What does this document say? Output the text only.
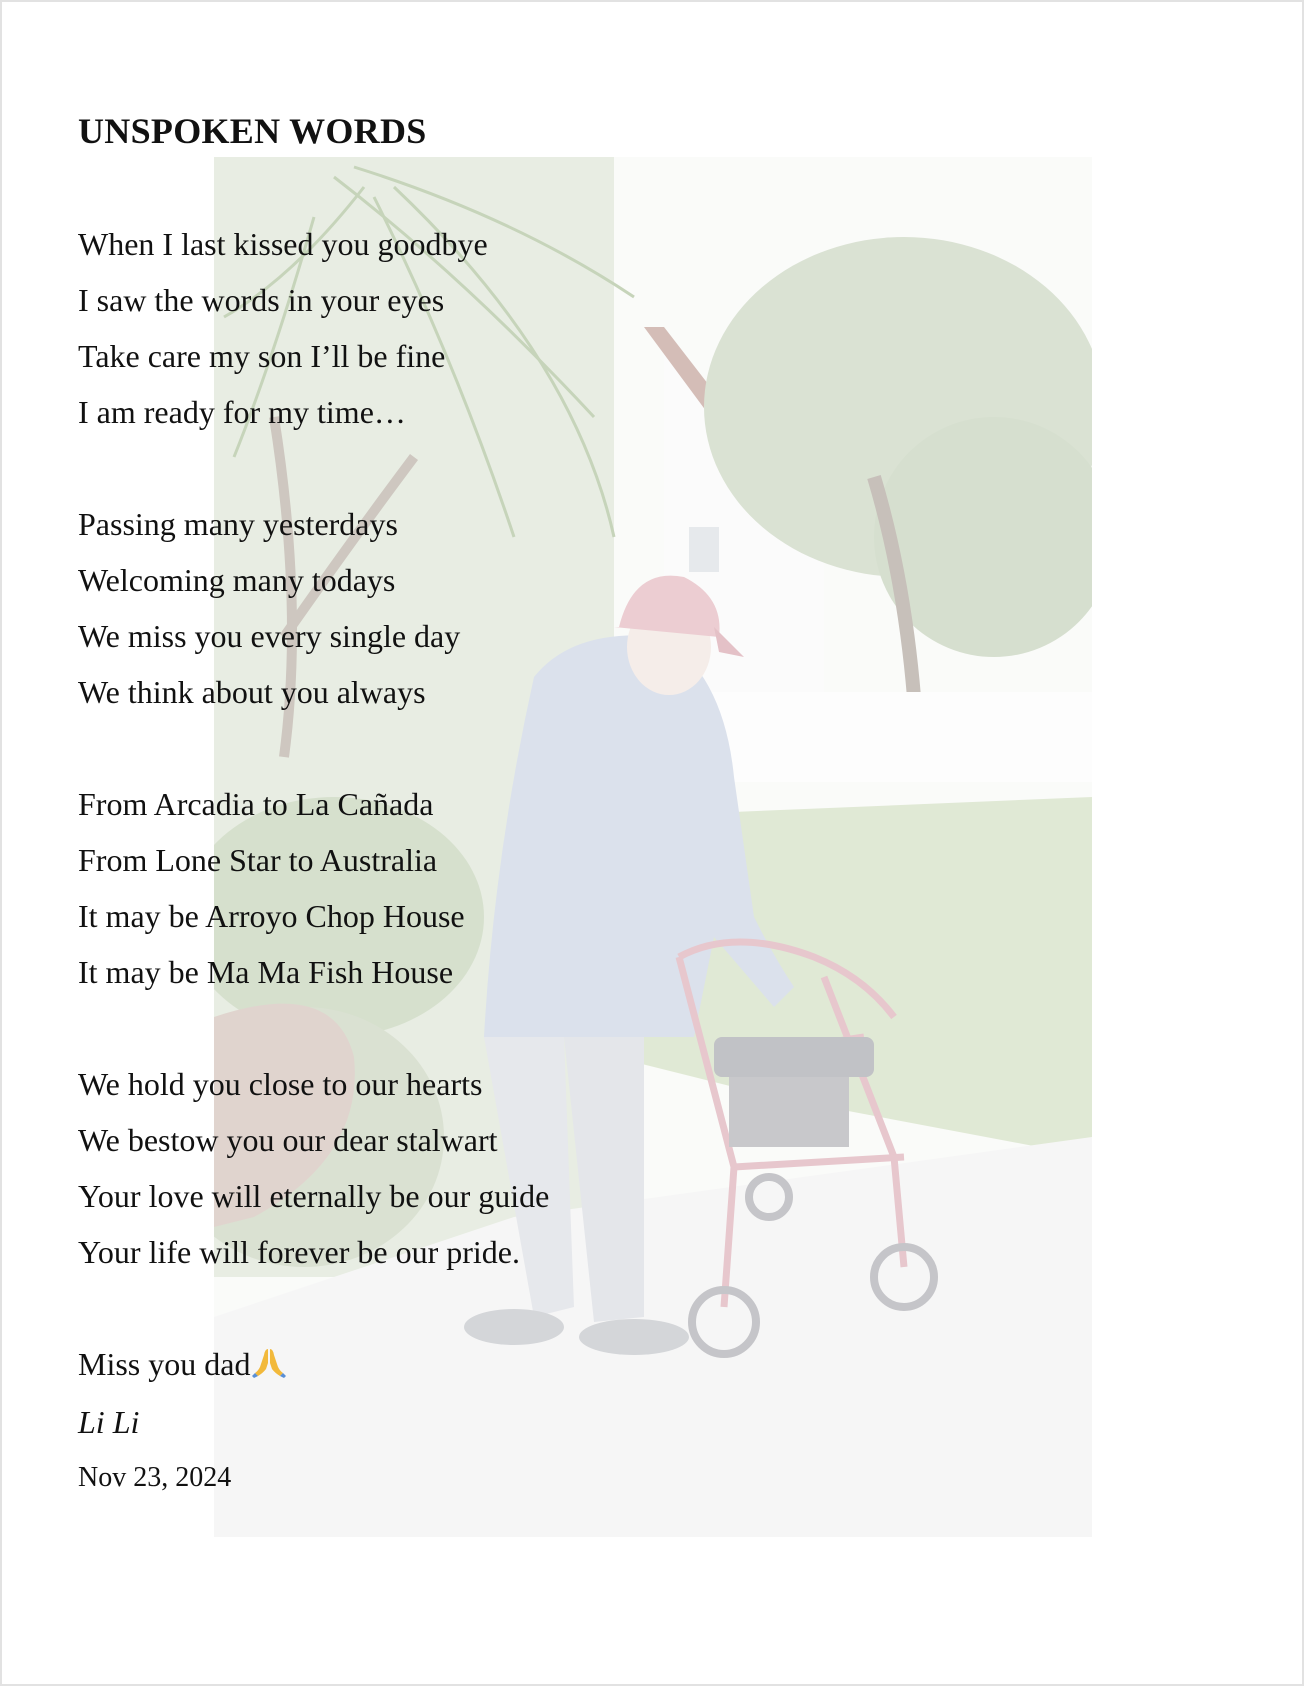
UNSPOKEN WORDS
When I last kissed you goodbye
I saw the words in your eyes
Take care my son I’ll be fine
I am ready for my time…
Passing many yesterdays
Welcoming many todays
We miss you every single day
We think about you always
From Arcadia to La Cañada
From Lone Star to Australia
It may be Arroyo Chop House
It may be Ma Ma Fish House
We hold you close to our hearts
We bestow you our dear stalwart
Your love will eternally be our guide
Your life will forever be our pride.
Miss you dad
Li Li
Nov 23, 2024
